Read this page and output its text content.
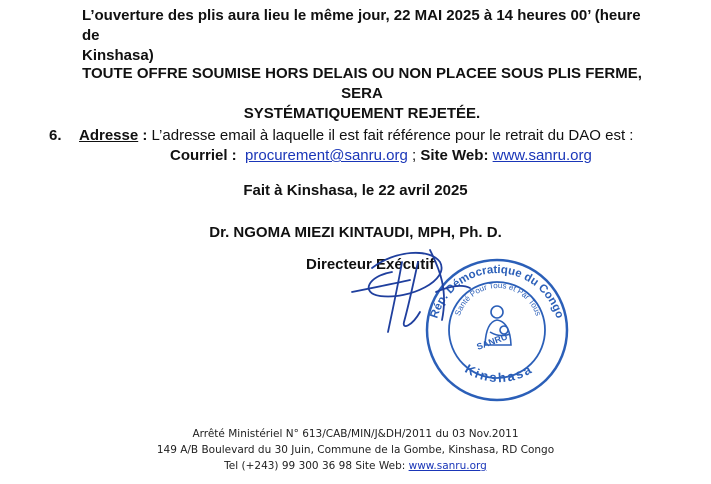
L’ouverture des plis aura lieu le même jour, 22 MAI 2025 à 14 heures 00’ (heure de
Kinshasa)
TOUTE OFFRE SOUMISE HORS DELAIS OU NON PLACEE SOUS PLIS FERME, SERA
SYSTÉMATIQUEMENT REJETÉE.
6. Adresse : L’adresse email à laquelle il est fait référence pour le retrait du DAO est :
Courriel : procurement@sanru.org ; Site Web: www.sanru.org
Fait à Kinshasa, le 22 avril 2025
Dr. NGOMA MIEZI KINTAUDI, MPH, Ph. D.
Directeur Exécutif
Rép. Démocratique du Congo
Santé Pour Tous et Par Tous
SANRU
Kinshasa
Arrêté Ministériel N° 613/CAB/MIN/J&DH/2011 du 03 Nov.2011
149 A/B Boulevard du 30 Juin, Commune de la Gombe, Kinshasa, RD Congo
Tel (+243) 99 300 36 98 Site Web: www.sanru.org
